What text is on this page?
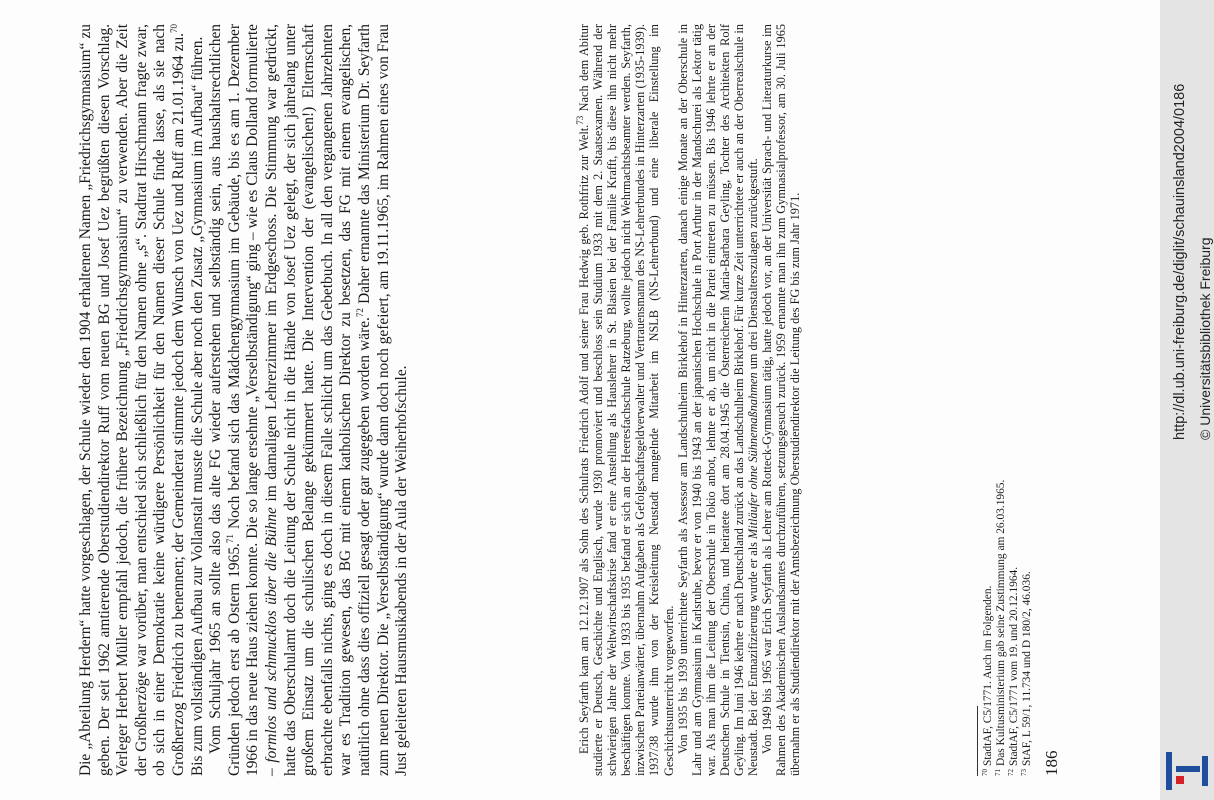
Die „Abteilung Herdern“ hatte vorgeschlagen, der Schule wieder den 1904 erhaltenen Namen „Friedrichsgymnasium“ zu geben. Der seit 1962 amtierende Oberstudiendirektor Ruff vom neuen BG und Josef Uez begrüßten diesen Vorschlag. Verleger Herbert Müller empfahl jedoch, die frühere Bezeichnung „Friedrichsgymnasium“ zu verwenden. Aber die Zeit der Großherzöge war vorüber, man entschied sich schließlich für den Namen ohne „s“. Stadtrat Hirschmann fragte zwar, ob sich in einer Demokratie keine würdigere Persönlichkeit für den Namen dieser Schule finde lasse, als sie nach Großherzog Friedrich zu benennen; der Gemeinderat stimmte jedoch dem Wunsch von Uez und Ruff am 21.01.1964 zu.$^{70}$ Bis zum vollständigen Aufbau zur Vollanstalt musste die Schule aber noch den Zusatz „Gymnasium im Aufbau“ führen. Vom Schuljahr 1965 an sollte also das alte FG wieder auferstehen und selbständig sein, aus haushaltsrechtlichen Gründen jedoch erst ab Ostern 1965.71 Noch befand sich das Mädchengymnasium im Gebäude, bis es am 1. Dezember 1966 in das neue Haus ziehen konnte. Die so lange ersehnte „Verselbständigung“ ging – wie es Claus Dolland formulierte – formlos und schmucklos über die Bühne im damaligen Lehrerzimmer im Erdgeschoss. Die Stimmung war gedrückt, hatte das Oberschulamt doch die Leitung der Schule nicht in die Hände von Josef Uez gelegt, der sich jahrelang unter großem Einsatz um die schulischen Belange gekümmert hatte. Die Intervention der (evangelischen!) Elternschaft erbrachte ebenfalls nichts, ging es doch in diesem Falle schlicht um das Gebetbuch. In all den vergangenen Jahrzehnten war es Tradition gewesen, das BG mit einem katholischen Direktor zu besetzen, das FG mit einem evangelischen, natürlich ohne dass dies offiziell gesagt oder gar zugegeben worden wäre.$^{72}$ Daher ernannte das Ministerium Dr. Seyfarth zum neuen Direktor. Die „Verselbständigung“ wurde dann doch noch gefeiert, am 19.11.1965, im Rahmen eines von Frau Just geleiteten Hausmusikabends in der Aula der Weiherhofschule.	Erich Seyfarth kam am 12.12.1907 als Sohn des Schulrats Friedrich Adolf und seiner Frau Hedwig geb. Rothfritz zur Welt.$^{73}$ Nach dem Abitur studierte er Deutsch, Geschichte und Englisch, wurde 1930 promoviert und beschloss sein Studium 1933 mit dem 2. Staatsexamen. Während der schwierigen Jahre der Weltwirtschaftskrise fand er eine Anstellung als Hauslehrer in St. Blasien bei der Familie Krafft, bis diese ihn nicht mehr beschäftigen konnte. Von 1933 bis 1935 befand er sich an der Heeresfachschule Ratzeburg, wollte jedoch nicht Wehrmachtsbeamter werden. Seyfarth, inzwischen Parteianwärter, übernahm Aufgaben als Gefolgschaftsgeldverwalter und Vertrauensmann des NS-Lehrerbundes in Hinterzarten (1935-1939). 1937/38 wurde ihm von der Kreisleitung Neustadt mangelnde Mitarbeit im NSLB (NS-Lehrerbund) und eine liberale Einstellung im Geschichtsunterricht vorgeworfen. Von 1935 bis 1939 unterrichtete Seyfarth als Assessor am Landschulheim Birklehof in Hinterzarten, danach einige Monate an der Oberschule in Lahr und am Gymnasium in Karlsruhe, bevor er von 1940 bis 1943 an der japanischen Hochschule in Port Arthur in der Mandschurei als Lektor tätig war. Als man ihm die Leitung der Oberschule in Tokio anbot, lehnte er ab, um nicht in die Partei eintreten zu müssen. Bis 1946 lehrte er an der Deutschen Schule in Tientsin, China, und heiratete dort am 28.04.1945 die Österreicherin Maria-Barbara Geyling, Tochter des Architekten Rolf Geyling. Im Juni 1946 kehrte er nach Deutschland zurück an das Landschulheim Birklehof. Für kurze Zeit unterrichtete er auch an der Oberrealschule in Neustadt. Bei der Entnazifizierung wurde er als Mitläufer ohne Sühnemaßnahmen um drei Dienstalterszulagen zurückgestuft. Von 1949 bis 1965 war Erich Seyfarth als Lehrer am Rotteck-Gymnasium tätig, hatte jedoch vor, an der Universität Sprach- und Literaturkurse im Rahmen des Akademischen Auslandsamtes durchzuführen, setzungsgesuch zurück. 1959 ernannte man ihn zum Gymnasialprofessor, am 30. Juli 1965 übernahm er als Studiendirektor mit der Amtsbezeichnung Oberstudiendirektor die Leitung des FG bis zum Jahr 1971.	$^{70}$StadtAF, C5/1771. Auch im Folgenden.
$^{71}$Das Kultusministerium gab seine Zustimmung am 26.03.1965.
$^{72}$StadtAF, C5/1771 vom 19. und 20.12.1964.
$^{73}$StAF, L 59/1, 11.734 und D 180/2, 46.036. 186
http://dl.ub.uni-freiburg.de/diglit/schauinsland2004/0186 © Universitätsbibliothek Freiburg
